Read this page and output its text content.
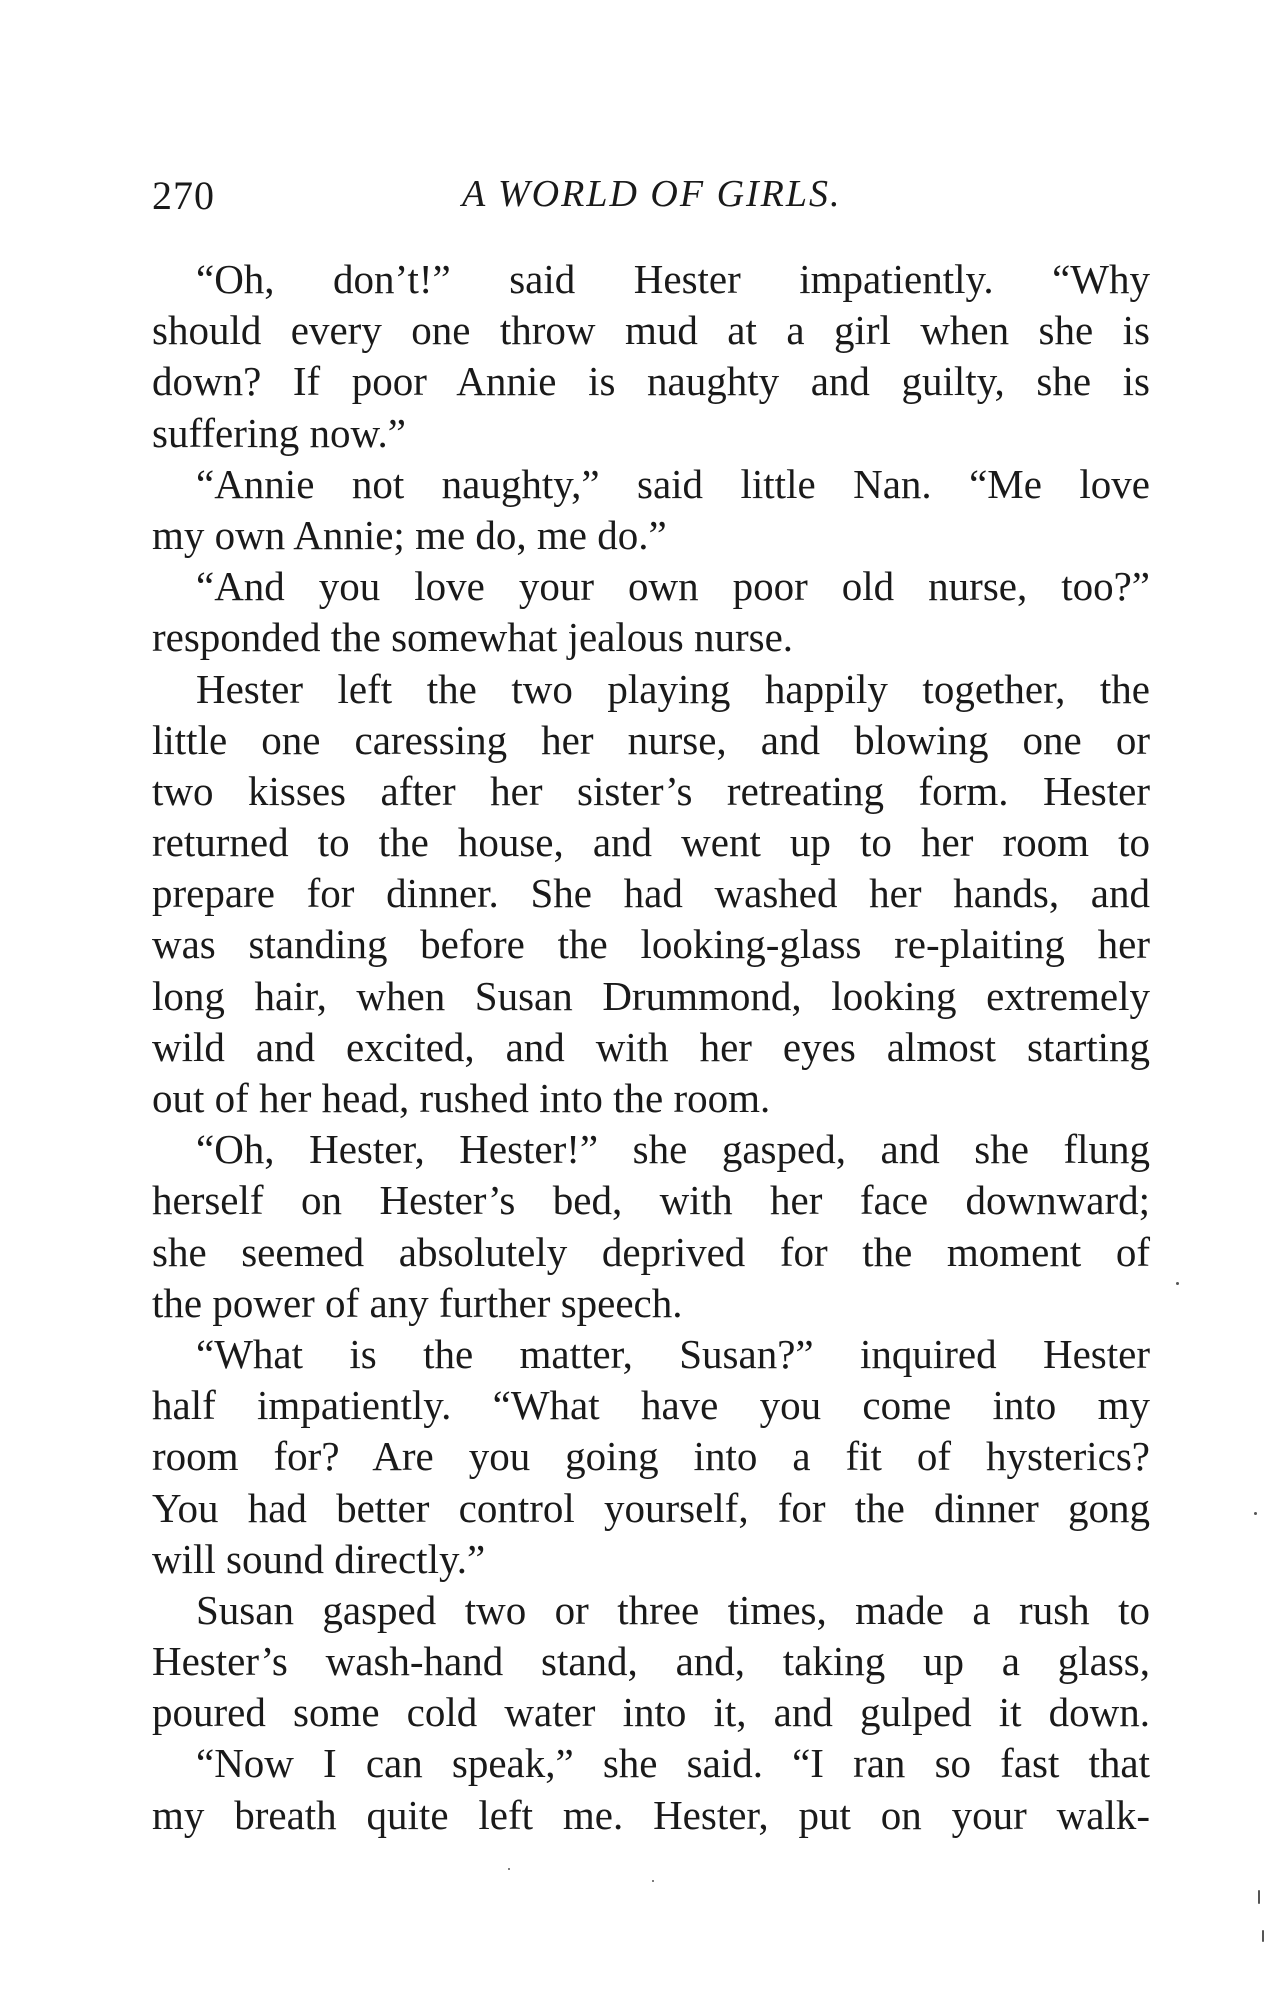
270	A WORLD OF GIRLS.
“Oh, don’t!” said Hester impatiently. “Why
should every one throw mud at a girl when she is
down? If poor Annie is naughty and guilty, she is
suffering now.”
“Annie not naughty,” said little Nan. “Me love
my own Annie; me do, me do.”
“And you love your own poor old nurse, too?”
responded the somewhat jealous nurse.
Hester left the two playing happily together, the
little one caressing her nurse, and blowing one or
two kisses after her sister’s retreating form. Hester
returned to the house, and went up to her room to
prepare for dinner. She had washed her hands, and
was standing before the looking-glass re-plaiting her
long hair, when Susan Drummond, looking extremely
wild and excited, and with her eyes almost starting
out of her head, rushed into the room.
“Oh, Hester, Hester!” she gasped, and she flung
herself on Hester’s bed, with her face downward;
she seemed absolutely deprived for the moment of
the power of any further speech.
“What is the matter, Susan?” inquired Hester
half impatiently. “What have you come into my
room for? Are you going into a fit of hysterics?
You had better control yourself, for the dinner gong
will sound directly.”
Susan gasped two or three times, made a rush to
Hester’s wash-hand stand, and, taking up a glass,
poured some cold water into it, and gulped it down.
“Now I can speak,” she said. “I ran so fast that
my breath quite left me. Hester, put on your walk-
